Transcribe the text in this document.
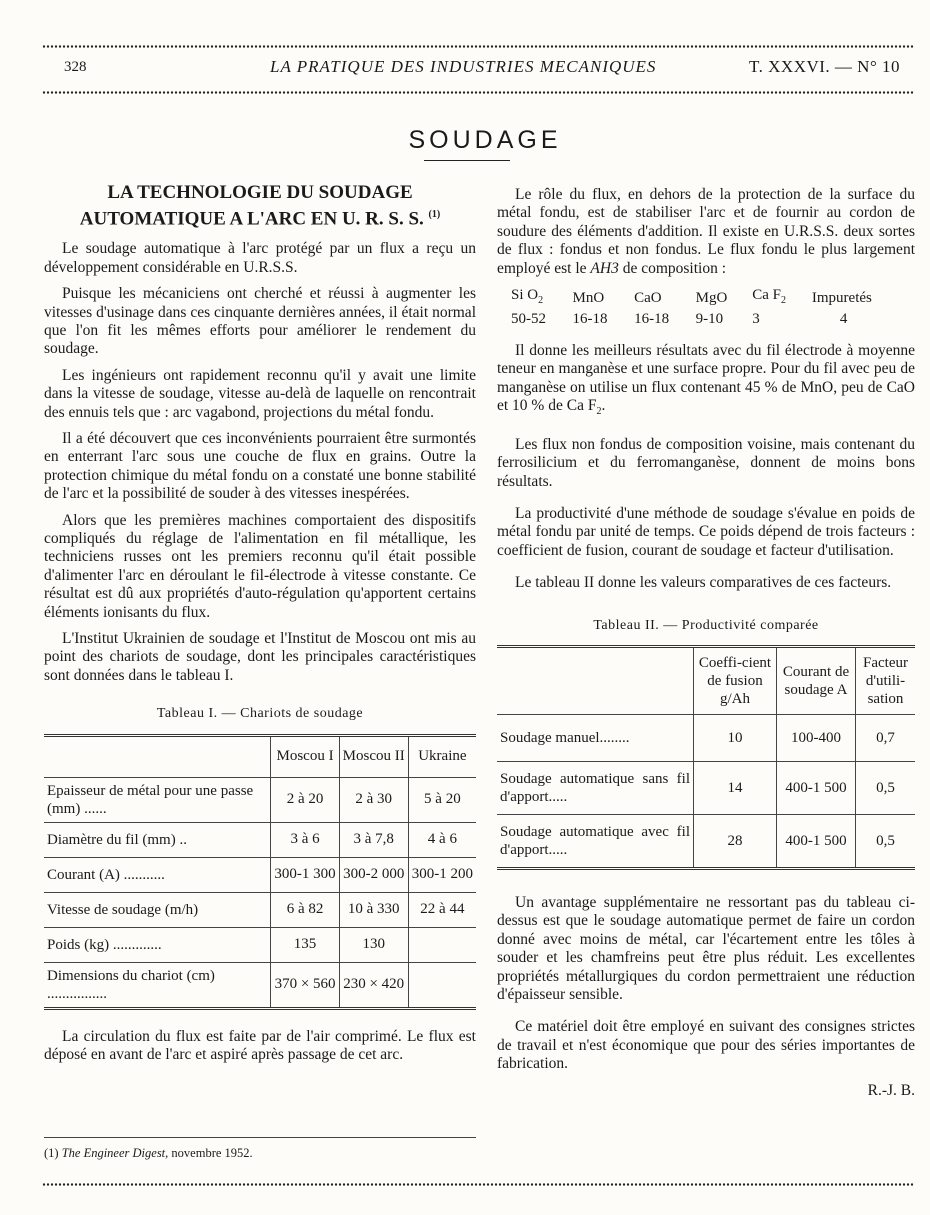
328	LA PRATIQUE DES INDUSTRIES MECANIQUES	T. XXXVI. — N° 10
SOUDAGE
LA TECHNOLOGIE DU SOUDAGE
AUTOMATIQUE A L'ARC EN U. R. S. S. $^{(1)}$

Le soudage automatique à l'arc protégé par un flux a reçu un développement considérable en U.R.S.S.

Puisque les mécaniciens ont cherché et réussi à augmenter les vitesses d'usinage dans ces cinquante dernières années, il était normal que l'on fit les mêmes efforts pour améliorer le rendement du soudage.

Les ingénieurs ont rapidement reconnu qu'il y avait une limite dans la vitesse de soudage, vitesse au-delà de laquelle on rencontrait des ennuis tels que : arc vagabond, projections du métal fondu.

Il a été découvert que ces inconvénients pourraient être surmontés en enterrant l'arc sous une couche de flux en grains. Outre la protection chimique du métal fondu on a constaté une bonne stabilité de l'arc et la possibilité de souder à des vitesses inespérées.

Alors que les premières machines comportaient des dispositifs compliqués du réglage de l'alimentation en fil métallique, les techniciens russes ont les premiers reconnu qu'il était possible d'alimenter l'arc en déroulant le fil-électrode à vitesse constante. Ce résultat est dû aux propriétés d'auto-régulation qu'apportent certains éléments ionisants du flux.

L'Institut Ukrainien de soudage et l'Institut de Moscou ont mis au point des chariots de soudage, dont les principales caractéristiques sont données dans le tableau I.

Tableau I. — Chariots de soudage
	Moscou I	Moscou II	Ukraine
Epaisseur de métal pour une passe (mm) ......	2 à 20	2 à 30	5 à 20
Diamètre du fil (mm) ..	3 à 6	3 à 7,8	4 à 6
Courant (A) ...........	300-1 300	300-2 000	300-1 200
Vitesse de soudage (m/h)	6 à 82	10 à 330	22 à 44
Poids (kg) .............	135	130	
Dimensions du chariot (cm) ................	370 × 560	230 × 420	

La circulation du flux est faite par de l'air comprimé. Le flux est déposé en avant de l'arc et aspiré après passage de cet arc.

(1) The Engineer Digest, novembre 1952.

Le rôle du flux, en dehors de la protection de la surface du métal fondu, est de stabiliser l'arc et de fournir au cordon de soudure des éléments d'addition. Il existe en U.R.S.S. deux sortes de flux : fondus et non fondus. Le flux fondu le plus largement employé est le AH3 de composition :

Si $O_2$	MnO	CaO	MgO	Ca $F_2$	Impuretés
50-52	16-18	16-18	9-10	3	4

Il donne les meilleurs résultats avec du fil électrode à moyenne teneur en manganèse et une surface propre. Pour du fil avec peu de manganèse on utilise un flux contenant 45 % de MnO, peu de CaO et 10 % de Ca $F_2$.

Les flux non fondus de composition voisine, mais contenant du ferrosilicium et du ferromanganèse, donnent de moins bons résultats.

La productivité d'une méthode de soudage s'évalue en poids de métal fondu par unité de temps. Ce poids dépend de trois facteurs : coefficient de fusion, courant de soudage et facteur d'utilisation.

Le tableau II donne les valeurs comparatives de ces facteurs.

Tableau II. — Productivité comparée
	Coeffi-cient de fusion g/Ah	Courant de soudage A	Facteur d'utili-sation
Soudage manuel........	10	100-400	0,7
Soudage automatique sans fil d'apport.....	14	400-1 500	0,5
Soudage automatique avec fil d'apport.....	28	400-1 500	0,5

Un avantage supplémentaire ne ressortant pas du tableau ci-dessus est que le soudage automatique permet de faire un cordon donné avec moins de métal, car l'écartement entre les tôles à souder et les chamfreins peut être plus réduit. Les excellentes propriétés métallurgiques du cordon permettraient une réduction d'épaisseur sensible.

Ce matériel doit être employé en suivant des consignes strictes de travail et n'est économique que pour des séries importantes de fabrication.

R.-J. B.
